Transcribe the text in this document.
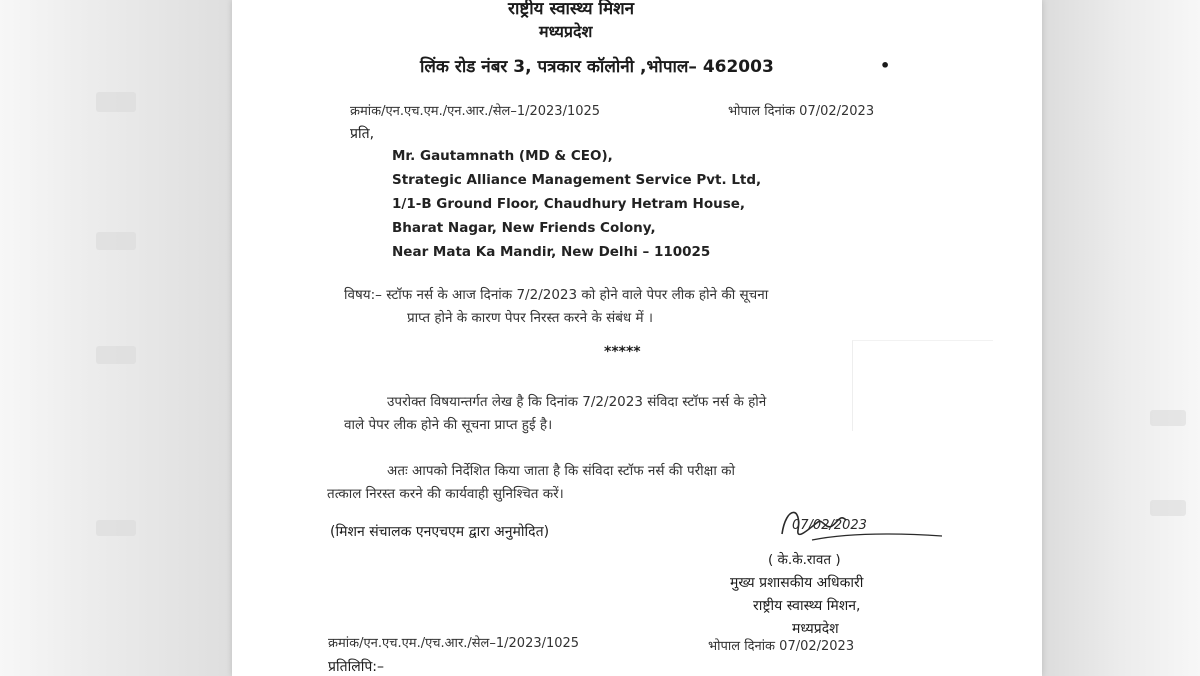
राष्ट्रीय स्वास्थ्य मिशन
मध्यप्रदेश
लिंक रोड नंबर 3, पत्रकार कॉलोनी ,भोपाल– 462003	•
क्रमांक/एन.एच.एम./एन.आर./सेल–1/2023/1025	भोपाल दिनांक 07/02/2023
प्रति,
Mr. Gautamnath (MD & CEO),
Strategic Alliance Management Service Pvt. Ltd,
1/1-B Ground Floor, Chaudhury Hetram House,
Bharat Nagar, New Friends Colony,
Near Mata Ka Mandir, New Delhi – 110025
विषय:– स्टॉफ नर्स के आज दिनांक 7/2/2023 को होने वाले पेपर लीक होने की सूचना
प्राप्त होने के कारण पेपर निरस्त करने के संबंध में ।
*****
उपरोक्त विषयान्तर्गत लेख है कि दिनांक 7/2/2023 संविदा स्टॉफ नर्स के होने
वाले पेपर लीक होने की सूचना प्राप्त हुई है।
अतः आपको निर्देशित किया जाता है कि संविदा स्टॉफ नर्स की परीक्षा को
तत्काल निरस्त करने की कार्यवाही सुनिश्चित करें।
(मिशन संचालक एनएचएम द्वारा अनुमोदित)	07/02/2023
( के.के.रावत )
मुख्य प्रशासकीय अधिकारी
राष्ट्रीय स्वास्थ्य मिशन,
मध्यप्रदेश
क्रमांक/एन.एच.एम./एच.आर./सेल–1/2023/1025	भोपाल दिनांक 07/02/2023
प्रतिलिपि:–
